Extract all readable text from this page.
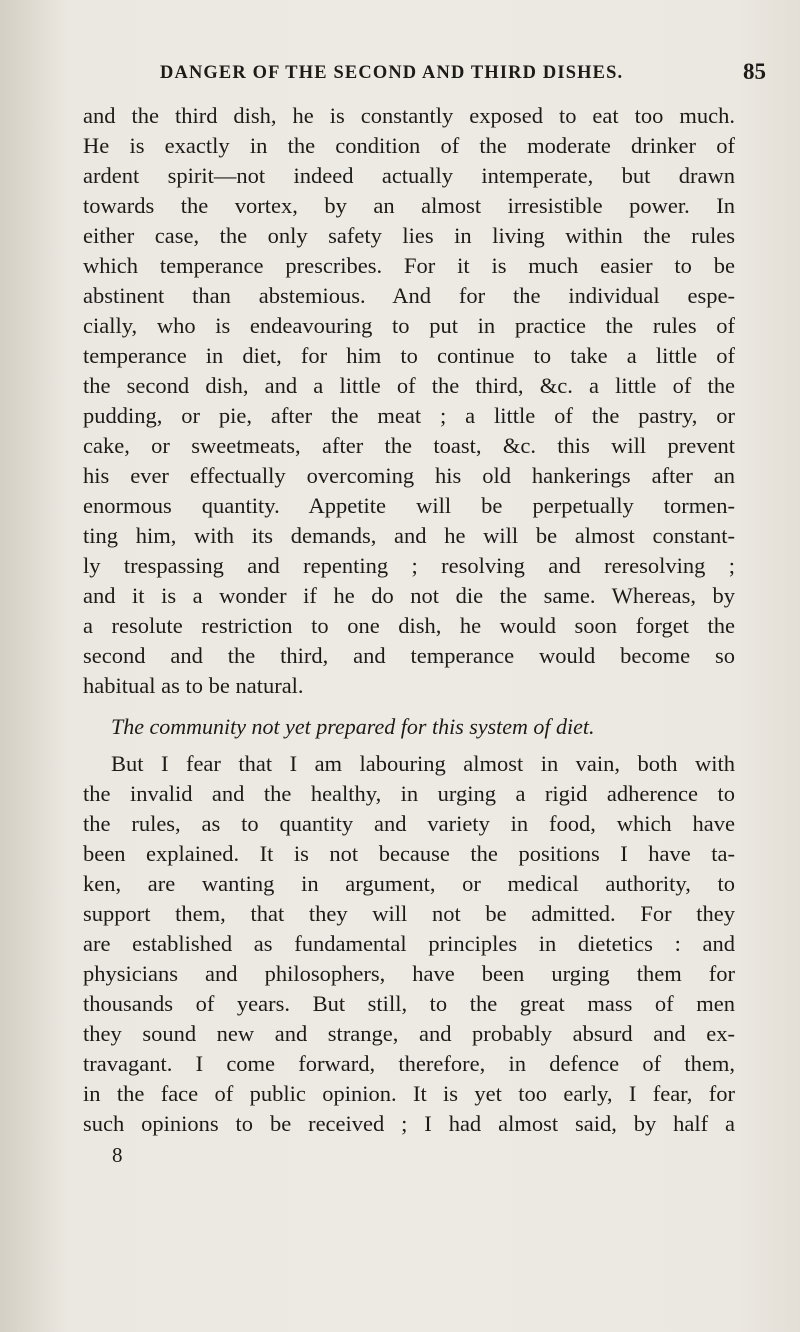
DANGER OF THE SECOND AND THIRD DISHES.	85
and the third dish, he is constantly exposed to eat too much.
He is exactly in the condition of the moderate drinker of
ardent spirit—not indeed actually intemperate, but drawn
towards the vortex, by an almost irresistible power. In
either case, the only safety lies in living within the rules
which temperance prescribes. For it is much easier to be
abstinent than abstemious. And for the individual espe-
cially, who is endeavouring to put in practice the rules of
temperance in diet, for him to continue to take a little of
the second dish, and a little of the third, &c. a little of the
pudding, or pie, after the meat ; a little of the pastry, or
cake, or sweetmeats, after the toast, &c. this will prevent
his ever effectually overcoming his old hankerings after an
enormous quantity. Appetite will be perpetually tormen-
ting him, with its demands, and he will be almost constant-
ly trespassing and repenting ; resolving and reresolving ;
and it is a wonder if he do not die the same. Whereas, by
a resolute restriction to one dish, he would soon forget the
second and the third, and temperance would become so
habitual as to be natural.
The community not yet prepared for this system of diet.
But I fear that I am labouring almost in vain, both with
the invalid and the healthy, in urging a rigid adherence to
the rules, as to quantity and variety in food, which have
been explained. It is not because the positions I have ta-
ken, are wanting in argument, or medical authority, to
support them, that they will not be admitted. For they
are established as fundamental principles in dietetics : and
physicians and philosophers, have been urging them for
thousands of years. But still, to the great mass of men
they sound new and strange, and probably absurd and ex-
travagant. I come forward, therefore, in defence of them,
in the face of public opinion. It is yet too early, I fear, for
such opinions to be received ; I had almost said, by half a
8
